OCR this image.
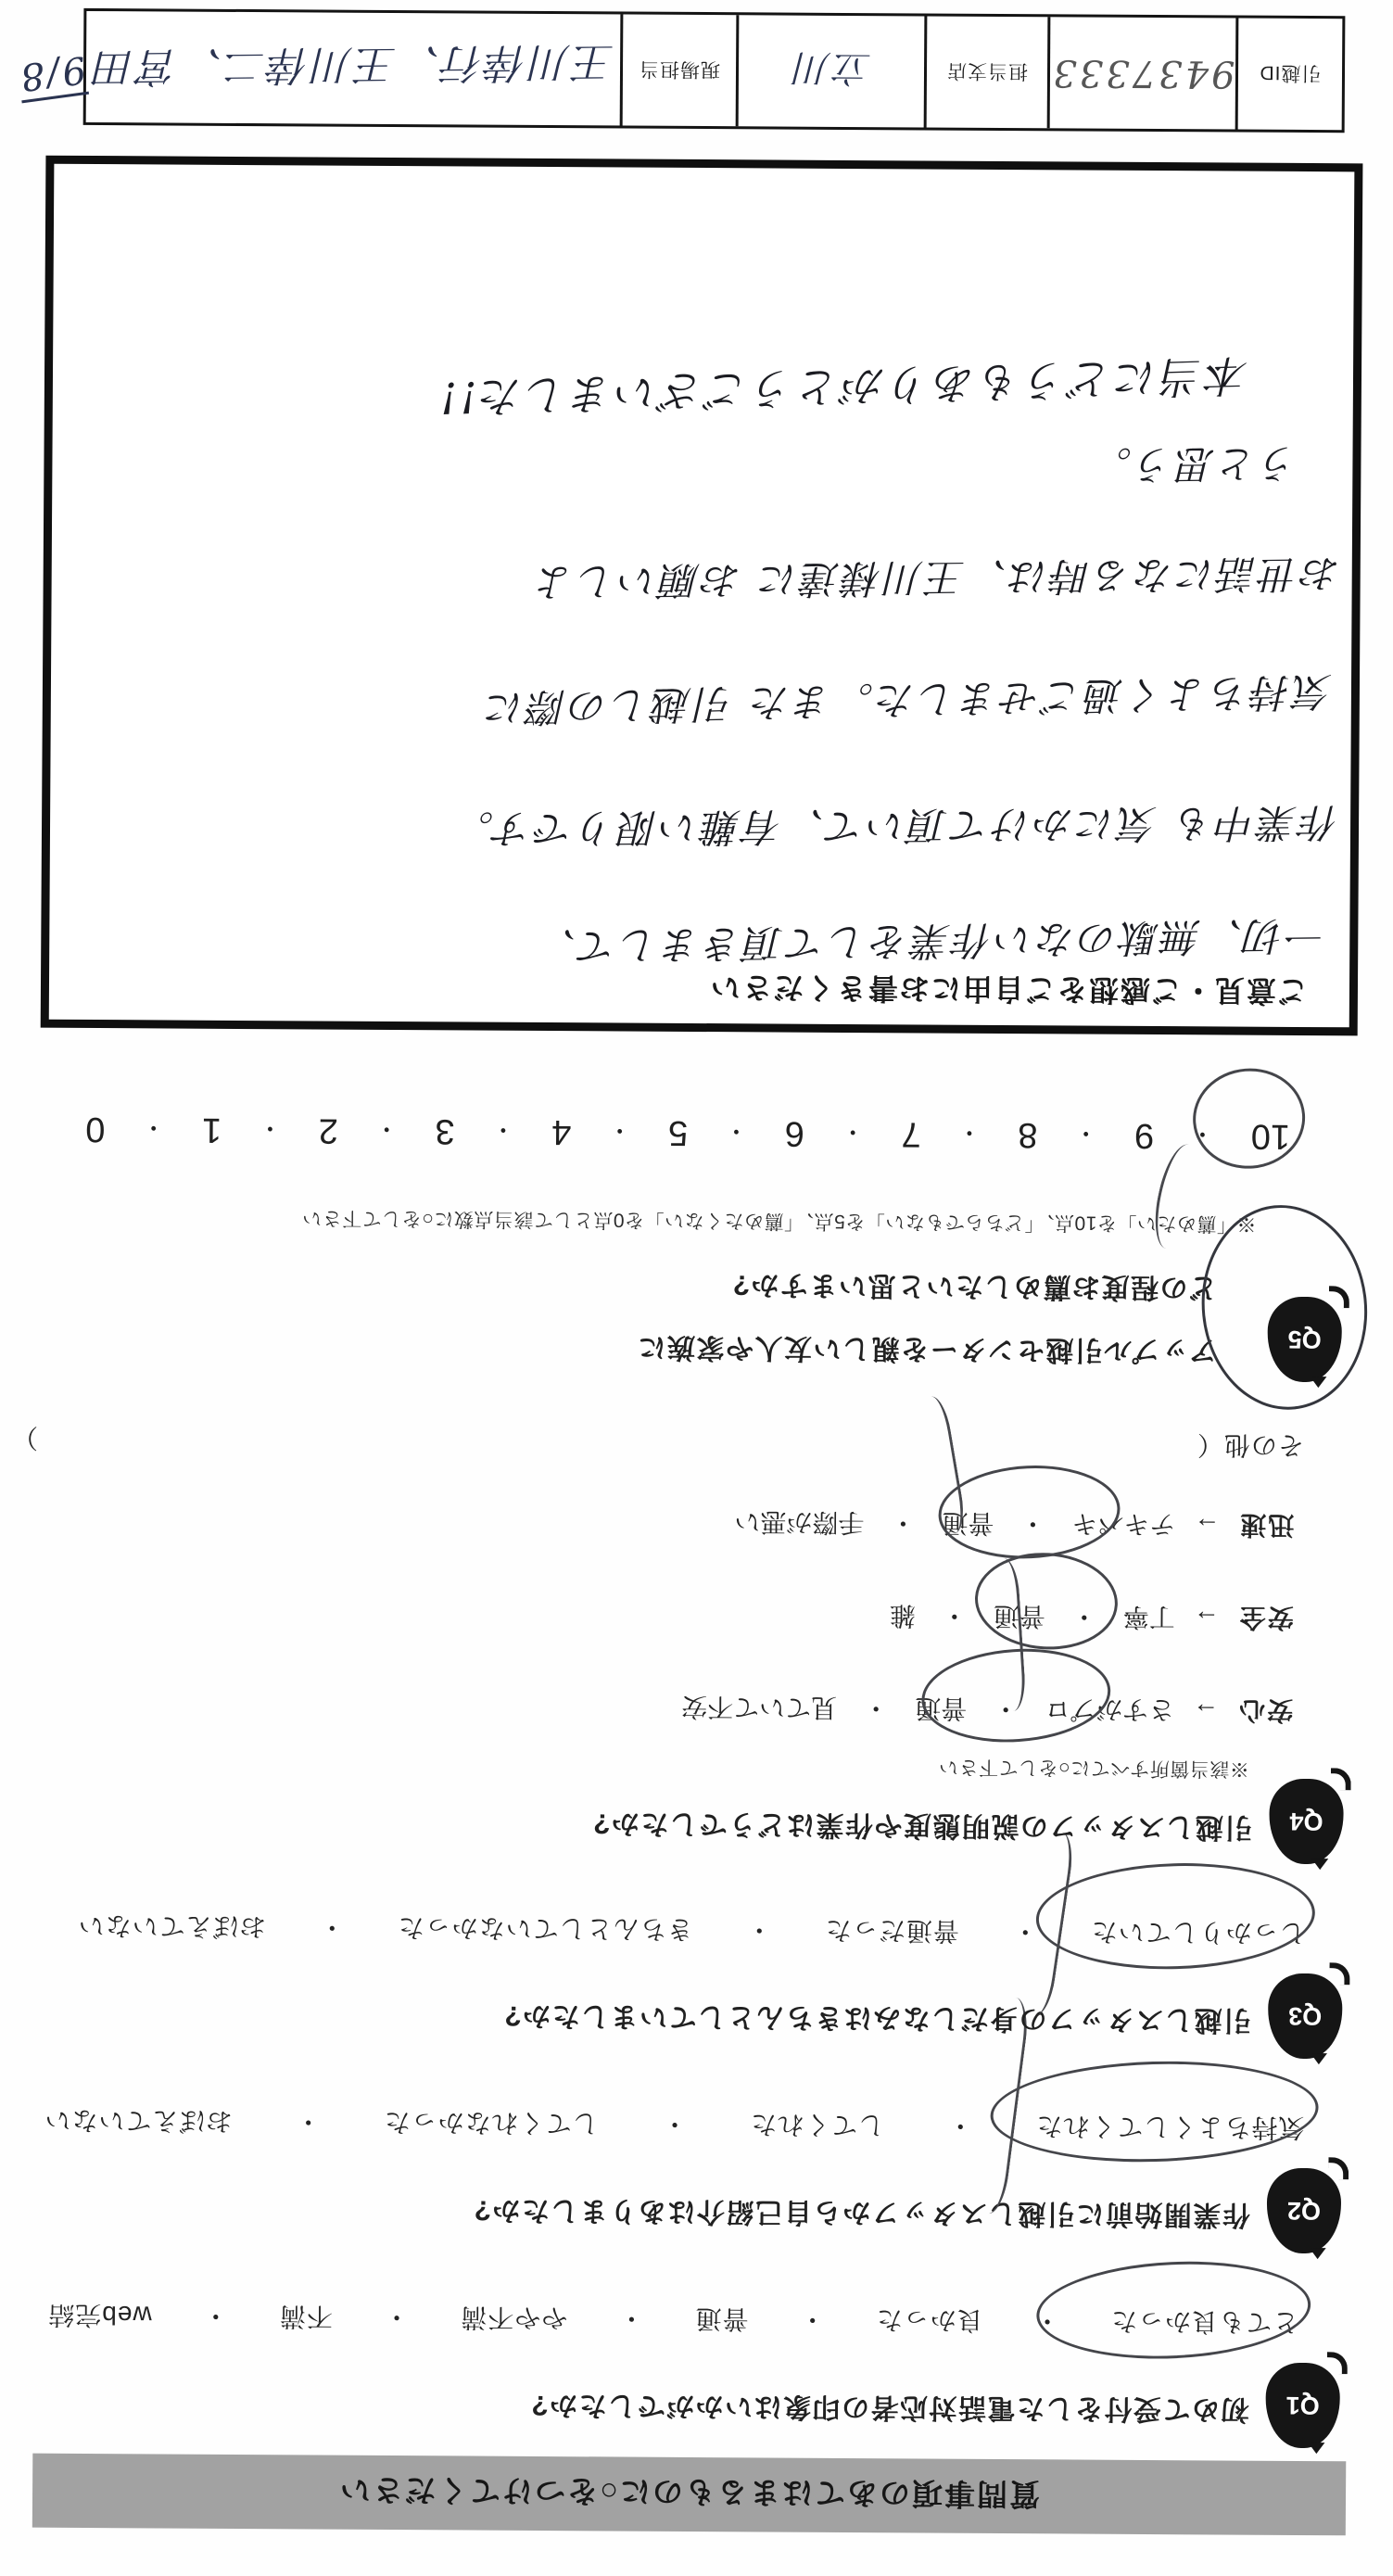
質問事項のあてはまるものに○をつけてください
Q1
初めて受付をした電話対応者の印象はいかがでしたか?
とても良かった
・
良かった
・
普通
・
やや不満
・
不満
・
web完結
Q2
作業開始前に引越しスタッフから自己紹介はありましたか?
気持ちよくしてくれた
・
してくれた
・
してくれなかった
・
おぼえていない
Q3
引越しスタッフの身だしなみはきちんとしていましたか?
しっかりしていた
・
普通だった
・
きちんとしていなかった
・
おぼえていない
Q4
引越しスタッフの説明態度や作業はどうでしたか?
※該当箇所すべてに○をして下さい
安心
→
さすがプロ
・
普通
・
見ていて不安
安全
→
丁寧
・
普通
・
雑
迅速
→
テキパキ
・
普通
・
手際が悪い
その他（
）
Q5
アップル引越センターを親しい友人や家族に
どの程度お薦めしたいと思いますか?
※「薦めたい」を10点、「どちらでもない」を5点、「薦めたくない」を0点として該当点数に○をして下さい
10
・
9
・
8
・
7
・
6
・
5
・
4
・
3
・
2
・
1
・
0
ご意見・ご感想をご自由にお書きください
一切、無駄のない作業をして頂きまして、
作業中も 気にかけて頂いて、有難い限りです。
気持ちよく過ごせました。また 引越しの際に
お世話になる時は、王川様達に お願いしよ
うと思う。
本当にどうもありがとうございました!!
引越ID
9437333
担当支店
立川
現場担当
王川倖行、王川倖二、宮田
9/8
